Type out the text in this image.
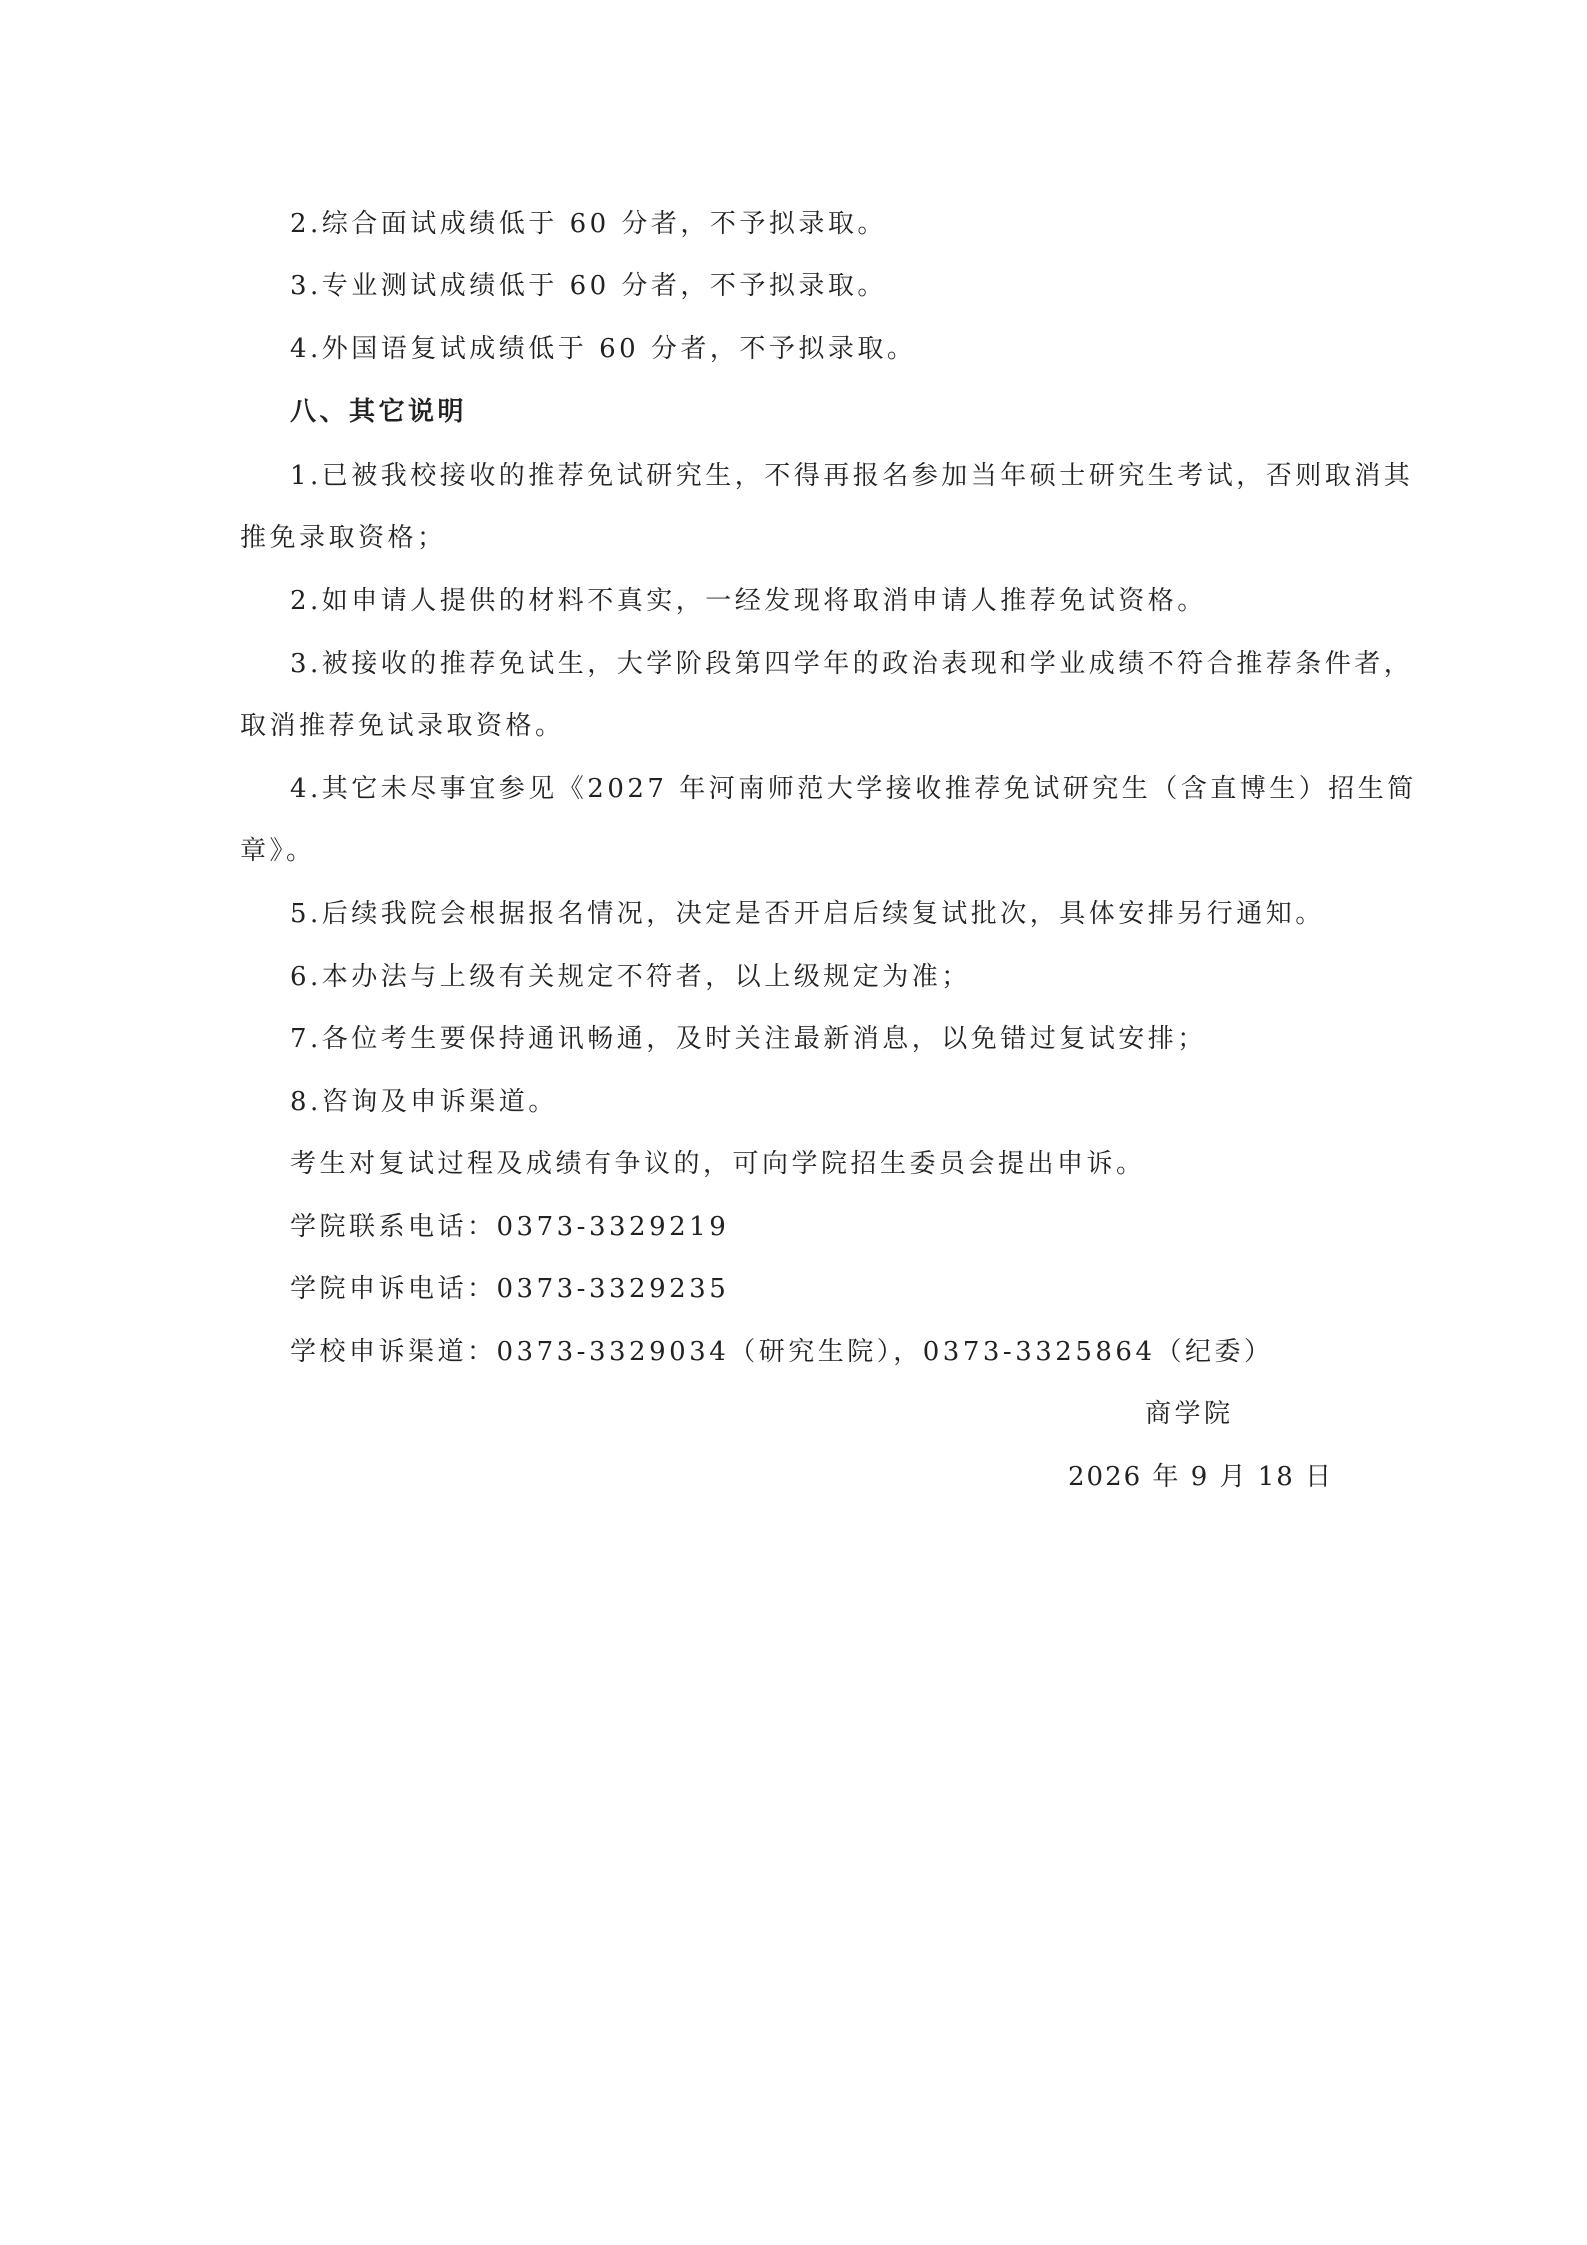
2.综合面试成绩低于 60 分者，不予拟录取。
3.专业测试成绩低于 60 分者，不予拟录取。
4.外国语复试成绩低于 60 分者，不予拟录取。
八、其它说明
1.已被我校接收的推荐免试研究生，不得再报名参加当年硕士研究生考试，否则取消其
推免录取资格；
2.如申请人提供的材料不真实，一经发现将取消申请人推荐免试资格。
3.被接收的推荐免试生，大学阶段第四学年的政治表现和学业成绩不符合推荐条件者，
取消推荐免试录取资格。
4.其它未尽事宜参见《2027 年河南师范大学接收推荐免试研究生（含直博生）招生简
章》。
5.后续我院会根据报名情况，决定是否开启后续复试批次，具体安排另行通知。
6.本办法与上级有关规定不符者，以上级规定为准；
7.各位考生要保持通讯畅通，及时关注最新消息，以免错过复试安排；
8.咨询及申诉渠道。
考生对复试过程及成绩有争议的，可向学院招生委员会提出申诉。
学院联系电话：0373-3329219
学院申诉电话：0373-3329235
学校申诉渠道：0373-3329034（研究生院），0373-3325864（纪委）
商学院
2026 年 9 月 18 日
